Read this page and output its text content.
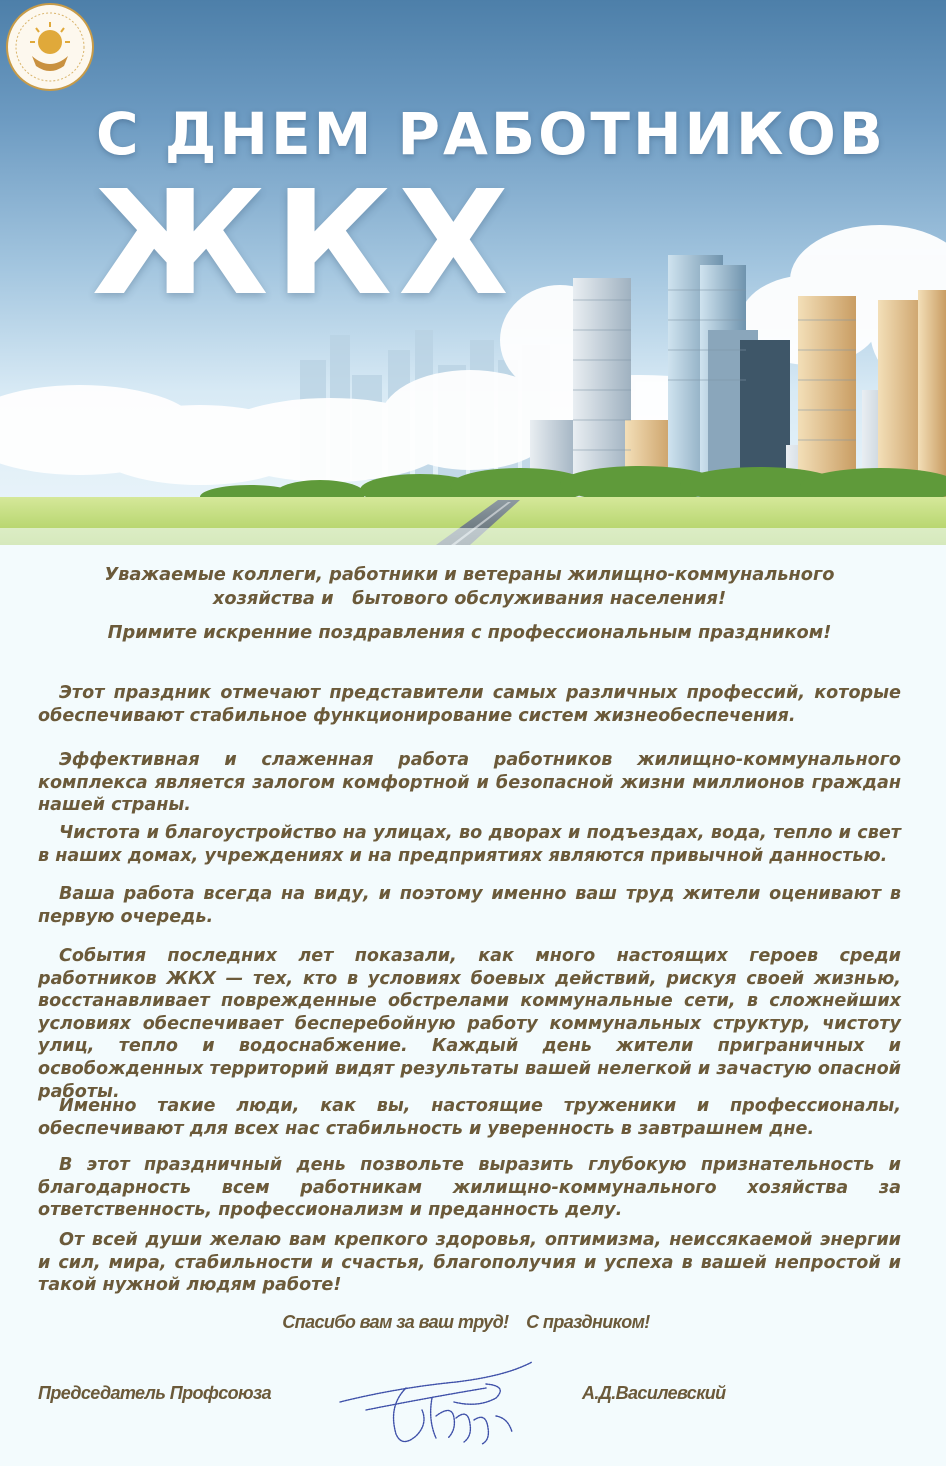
С ДНЕМ РАБОТНИКОВ
ЖКХ

Уважаемые коллеги, работники и ветераны жилищно-коммунального
хозяйства и   бытового обслуживания населения!

Примите искренние поздравления с профессиональным праздником!

Этот праздник отмечают представители самых различных профессий, которые обеспечивают стабильное функционирование систем жизнеобеспечения.

Эффективная и слаженная работа работников жилищно-коммунального комплекса является залогом комфортной и безопасной жизни миллионов граждан нашей страны.

Чистота и благоустройство на улицах, во дворах и подъездах, вода, тепло и свет в наших домах, учреждениях и на предприятиях являются привычной данностью.

Ваша работа всегда на виду, и поэтому именно ваш труд жители оценивают в первую очередь.

События последних лет показали, как много настоящих героев среди работников ЖКХ — тех, кто в условиях боевых действий, рискуя своей жизнью, восстанавливает поврежденные обстрелами коммунальные сети, в сложнейших условиях обеспечивает бесперебойную работу коммунальных структур, чистоту улиц, тепло и водоснабжение. Каждый день жители приграничных и освобожденных территорий видят результаты вашей нелегкой и зачастую опасной работы.

Именно такие люди, как вы, настоящие труженики и профессионалы, обеспечивают для всех нас стабильность и уверенность в завтрашнем дне.

В этот праздничный день позвольте выразить глубокую признательность и благодарность всем работникам жилищно-коммунального хозяйства за ответственность, профессионализм и преданность делу.

От всей души желаю вам крепкого здоровья, оптимизма, неиссякаемой энергии и сил, мира, стабильности и счастья, благополучия и успеха в вашей непростой и такой нужной людям работе!

Спасибо вам за ваш труд! С праздником!

Председатель Профсоюза	А.Д.Василевский
